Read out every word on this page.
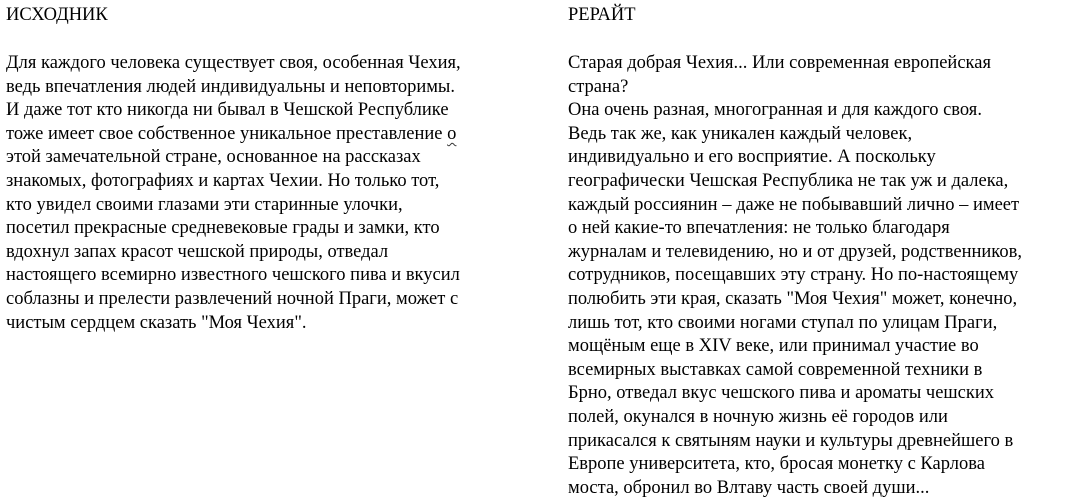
ИСХОДНИК
Для каждого человека существует своя, особенная Чехия,
ведь впечатления людей индивидуальны и неповторимы.
И даже тот кто никогда ни бывал в Чешской Республике
тоже имеет свое собственное уникальное преставление о
этой замечательной стране, основанное на рассказах
знакомых, фотографиях и картах Чехии. Но только тот,
кто увидел своими глазами эти старинные улочки,
посетил прекрасные средневековые грады и замки, кто
вдохнул запах красот чешской природы, отведал
настоящего всемирно известного чешского пива и вкусил
соблазны и прелести развлечений ночной Праги, может с
чистым сердцем сказать "Моя Чехия".
РЕРАЙТ
Старая добрая Чехия... Или современная европейская
страна?
Она очень разная, многогранная и для каждого своя.
Ведь так же, как уникален каждый человек,
индивидуально и его восприятие. А поскольку
географически Чешская Республика не так уж и далека,
каждый россиянин – даже не побывавший лично – имеет
о ней какие-то впечатления: не только благодаря
журналам и телевидению, но и от друзей, родственников,
сотрудников, посещавших эту страну. Но по-настоящему
полюбить эти края, сказать "Моя Чехия" может, конечно,
лишь тот, кто своими ногами ступал по улицам Праги,
мощёным еще в XIV веке, или принимал участие во
всемирных выставках самой современной техники в
Брно, отведал вкус чешского пива и ароматы чешских
полей, окунался в ночную жизнь её городов или
прикасался к святыням науки и культуры древнейшего в
Европе университета, кто, бросая монетку с Карлова
моста, обронил во Влтаву часть своей души...
